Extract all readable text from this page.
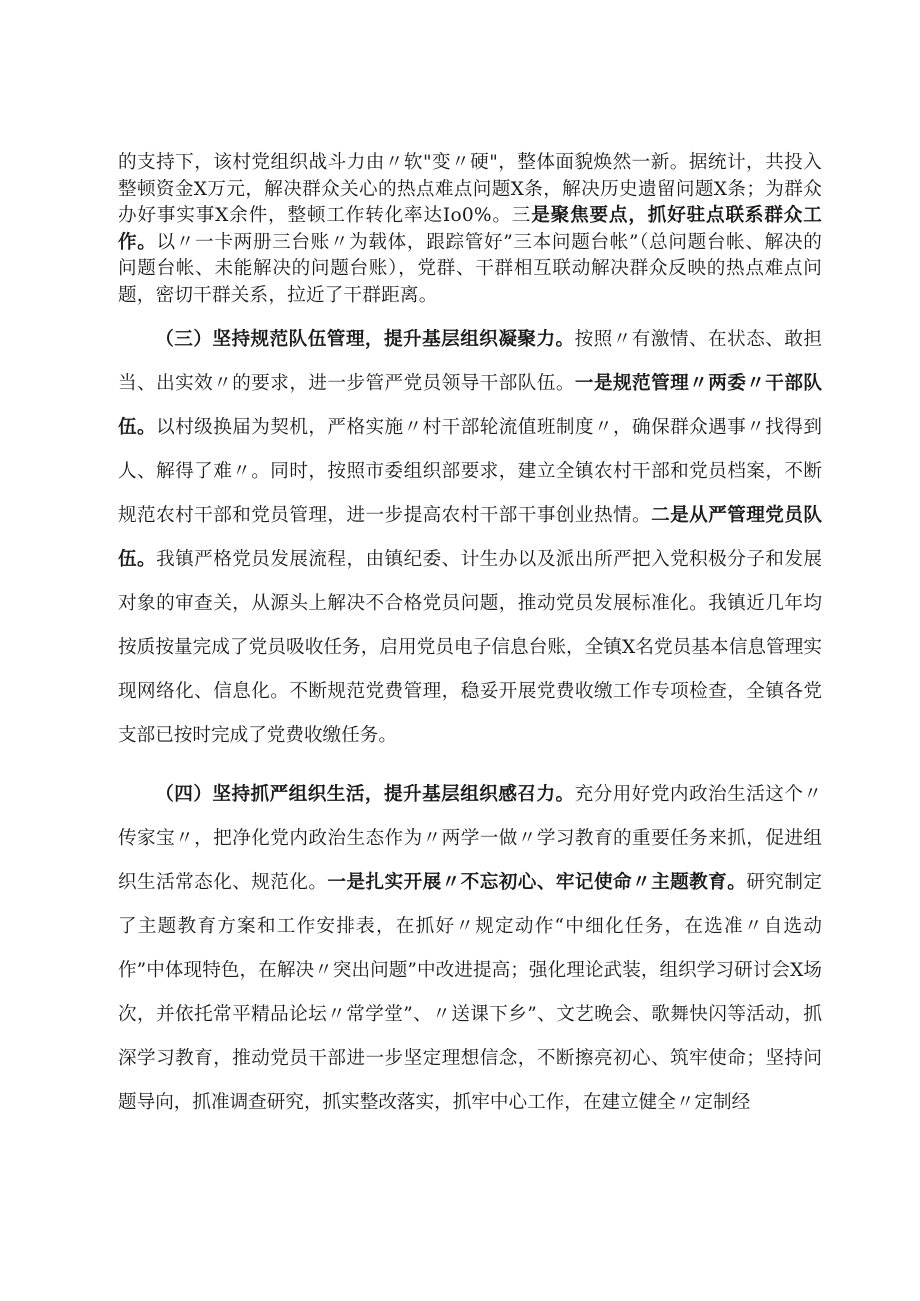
的支持下，该村党组织战斗力由〃软"变〃硬"，整体面貌焕然一新。据统计，共投入整顿资金X万元，解决群众关心的热点难点问题X条，解决历史遗留问题X条；为群众办好事实事X余件，整顿工作转化率达Io0%。三是聚焦要点，抓好驻点联系群众工作。以〃一卡两册三台账〃为载体，跟踪管好”三本问题台帐”（总问题台帐、解决的问题台帐、未能解决的问题台账），党群、干群相互联动解决群众反映的热点难点问题，密切干群关系，拉近了干群距离。

（三）坚持规范队伍管理，提升基层组织凝聚力。按照〃有激情、在状态、敢担当、出实效〃的要求，进一步管严党员领导干部队伍。一是规范管理〃两委〃干部队伍。以村级换届为契机，严格实施〃村干部轮流值班制度〃，确保群众遇事〃找得到人、解得了难〃。同时，按照市委组织部要求，建立全镇农村干部和党员档案，不断规范农村干部和党员管理，进一步提高农村干部干事创业热情。二是从严管理党员队伍。我镇严格党员发展流程，由镇纪委、计生办以及派出所严把入党积极分子和发展对象的审查关，从源头上解决不合格党员问题，推动党员发展标准化。我镇近几年均按质按量完成了党员吸收任务，启用党员电子信息台账，全镇X名党员基本信息管理实现网络化、信息化。不断规范党费管理，稳妥开展党费收缴工作专项检查，全镇各党支部已按时完成了党费收缴任务。

（四）坚持抓严组织生活，提升基层组织感召力。充分用好党内政治生活这个〃传家宝〃，把净化党内政治生态作为〃两学一做〃学习教育的重要任务来抓，促进组织生活常态化、规范化。一是扎实开展〃不忘初心、牢记使命〃主题教育。研究制定了主题教育方案和工作安排表，在抓好〃规定动作“中细化任务，在选准〃自选动作”中体现特色，在解决〃突出问题”中改进提高；强化理论武装，组织学习研讨会X场次，并依托常平精品论坛〃常学堂”、〃送课下乡”、文艺晚会、歌舞快闪等活动，抓深学习教育，推动党员干部进一步坚定理想信念，不断擦亮初心、筑牢使命；坚持问题导向，抓准调查研究，抓实整改落实，抓牢中心工作，在建立健全〃定制经
